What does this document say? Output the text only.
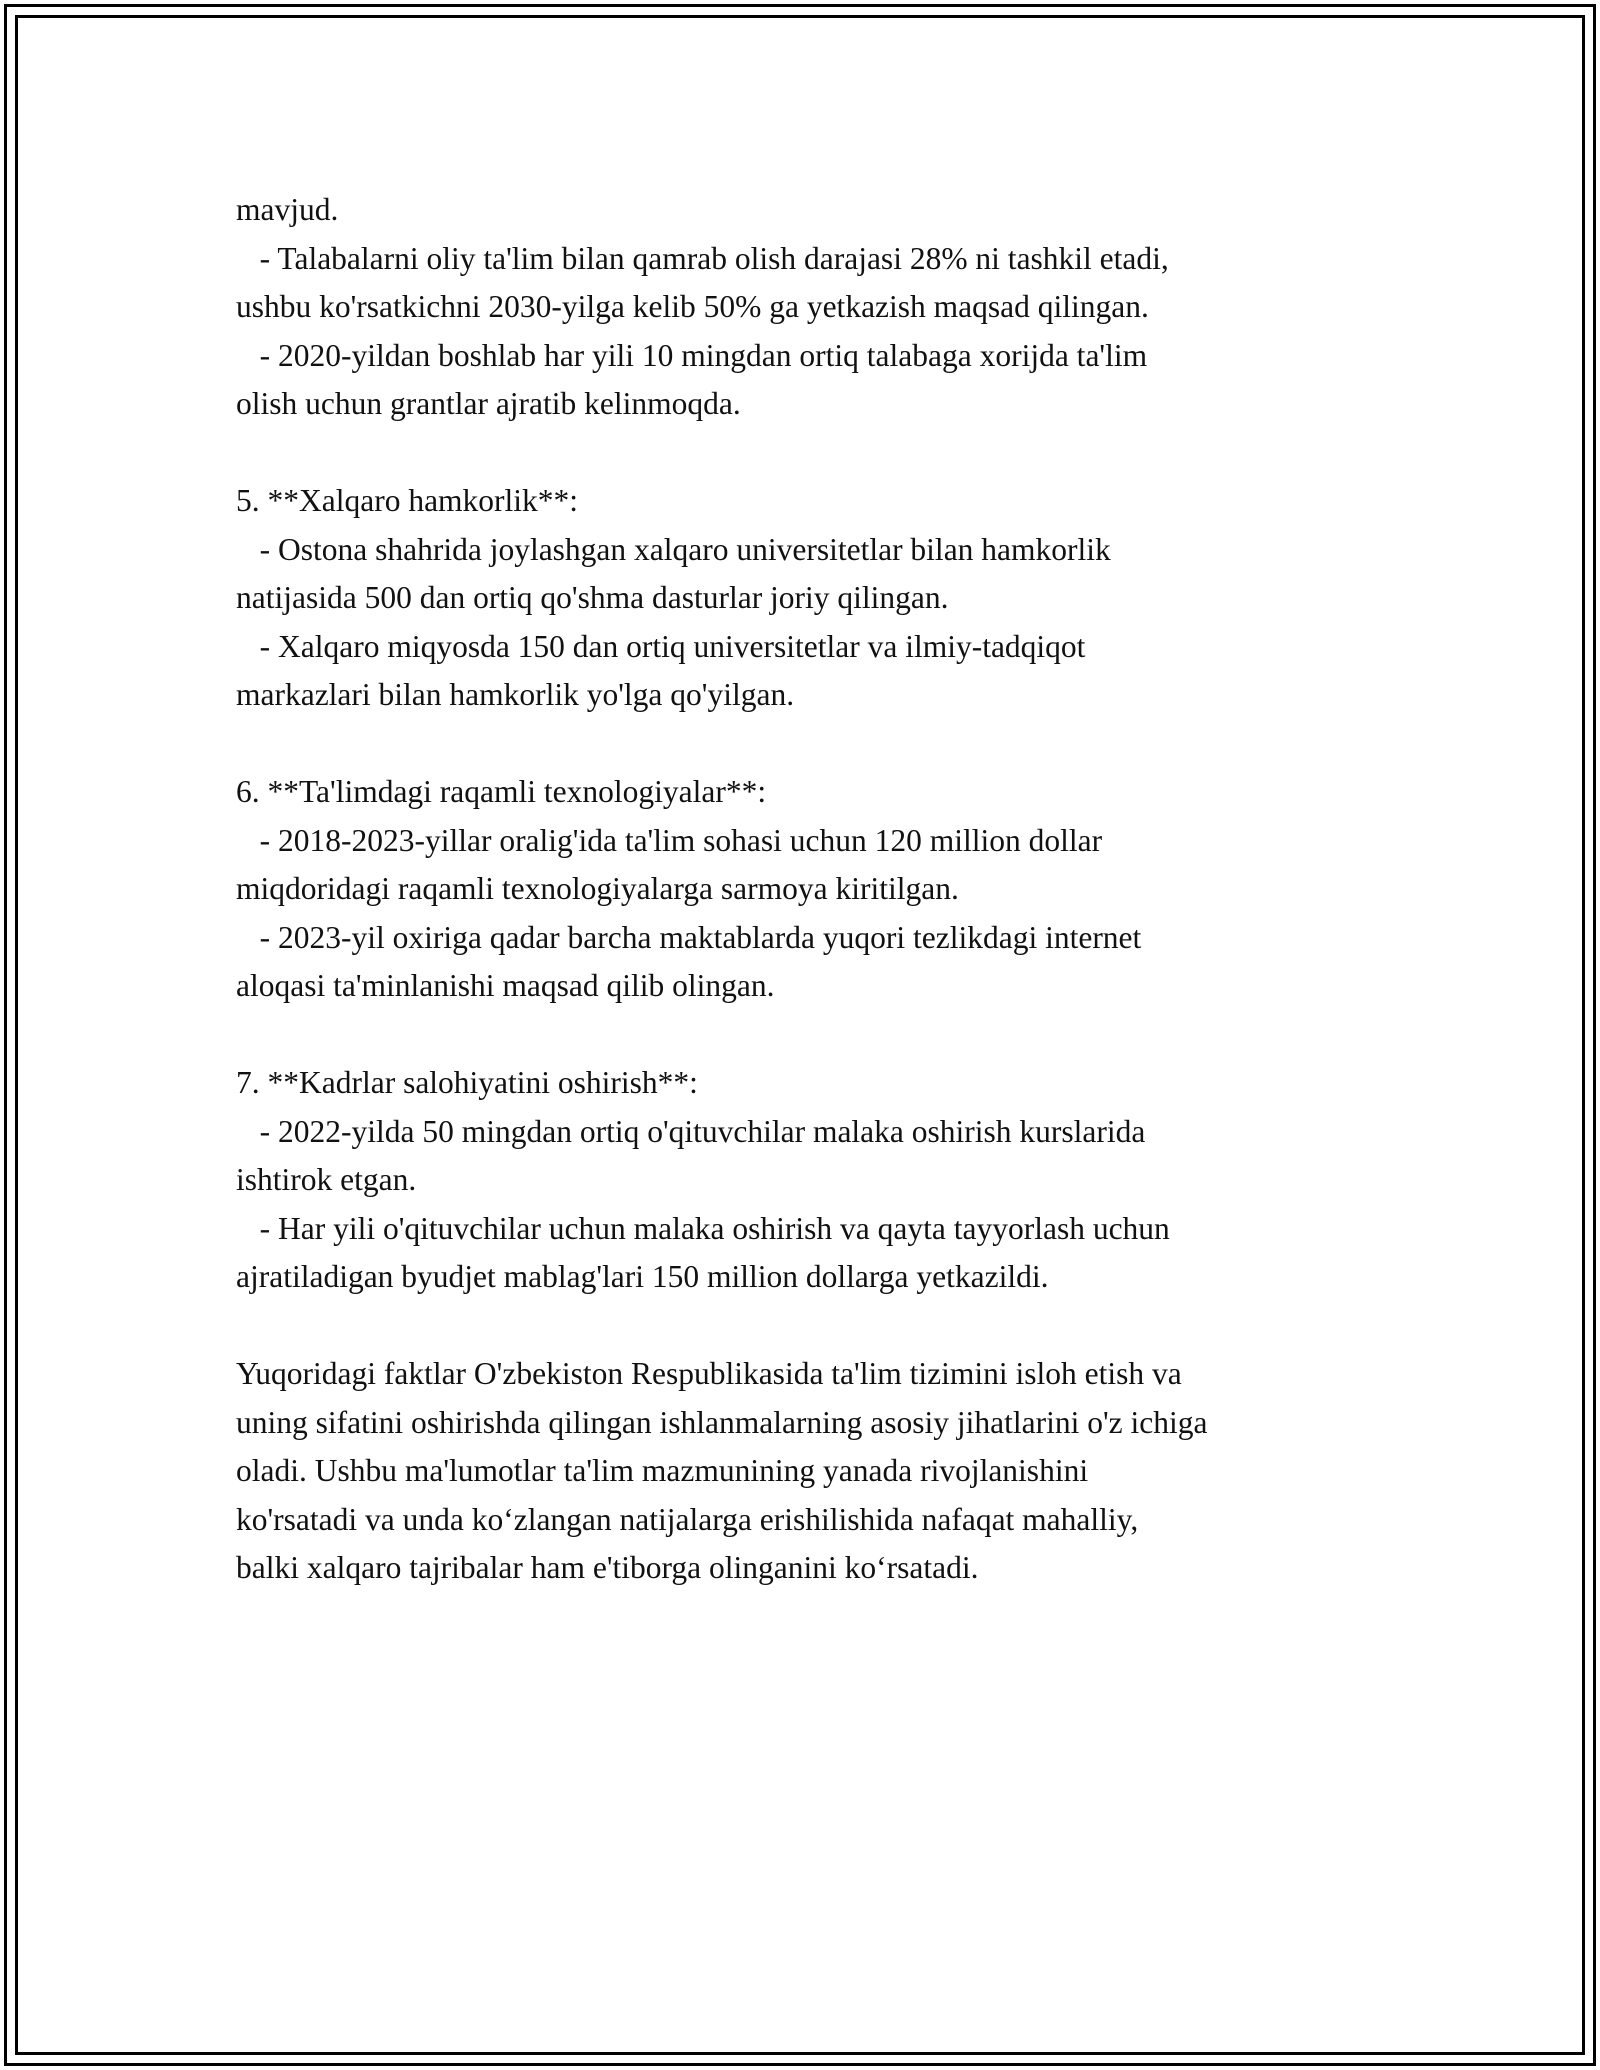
mavjud.
- Talabalarni oliy ta'lim bilan qamrab olish darajasi 28% ni tashkil etadi,
ushbu ko'rsatkichni 2030-yilga kelib 50% ga yetkazish maqsad qilingan.
- 2020-yildan boshlab har yili 10 mingdan ortiq talabaga xorijda ta'lim
olish uchun grantlar ajratib kelinmoqda.
5. **Xalqaro hamkorlik**:
- Ostona shahrida joylashgan xalqaro universitetlar bilan hamkorlik
natijasida 500 dan ortiq qo'shma dasturlar joriy qilingan.
- Xalqaro miqyosda 150 dan ortiq universitetlar va ilmiy-tadqiqot
markazlari bilan hamkorlik yo'lga qo'yilgan.
6. **Ta'limdagi raqamli texnologiyalar**:
- 2018-2023-yillar oralig'ida ta'lim sohasi uchun 120 million dollar
miqdoridagi raqamli texnologiyalarga sarmoya kiritilgan.
- 2023-yil oxiriga qadar barcha maktablarda yuqori tezlikdagi internet
aloqasi ta'minlanishi maqsad qilib olingan.
7. **Kadrlar salohiyatini oshirish**:
- 2022-yilda 50 mingdan ortiq o'qituvchilar malaka oshirish kurslarida
ishtirok etgan.
- Har yili o'qituvchilar uchun malaka oshirish va qayta tayyorlash uchun
ajratiladigan byudjet mablag'lari 150 million dollarga yetkazildi.
Yuqoridagi faktlar O'zbekiston Respublikasida ta'lim tizimini isloh etish va
uning sifatini oshirishda qilingan ishlanmalarning asosiy jihatlarini o'z ichiga
oladi. Ushbu ma'lumotlar ta'lim mazmunining yanada rivojlanishini
ko'rsatadi va unda ko‘zlangan natijalarga erishilishida nafaqat mahalliy,
balki xalqaro tajribalar ham e'tiborga olinganini ko‘rsatadi.
